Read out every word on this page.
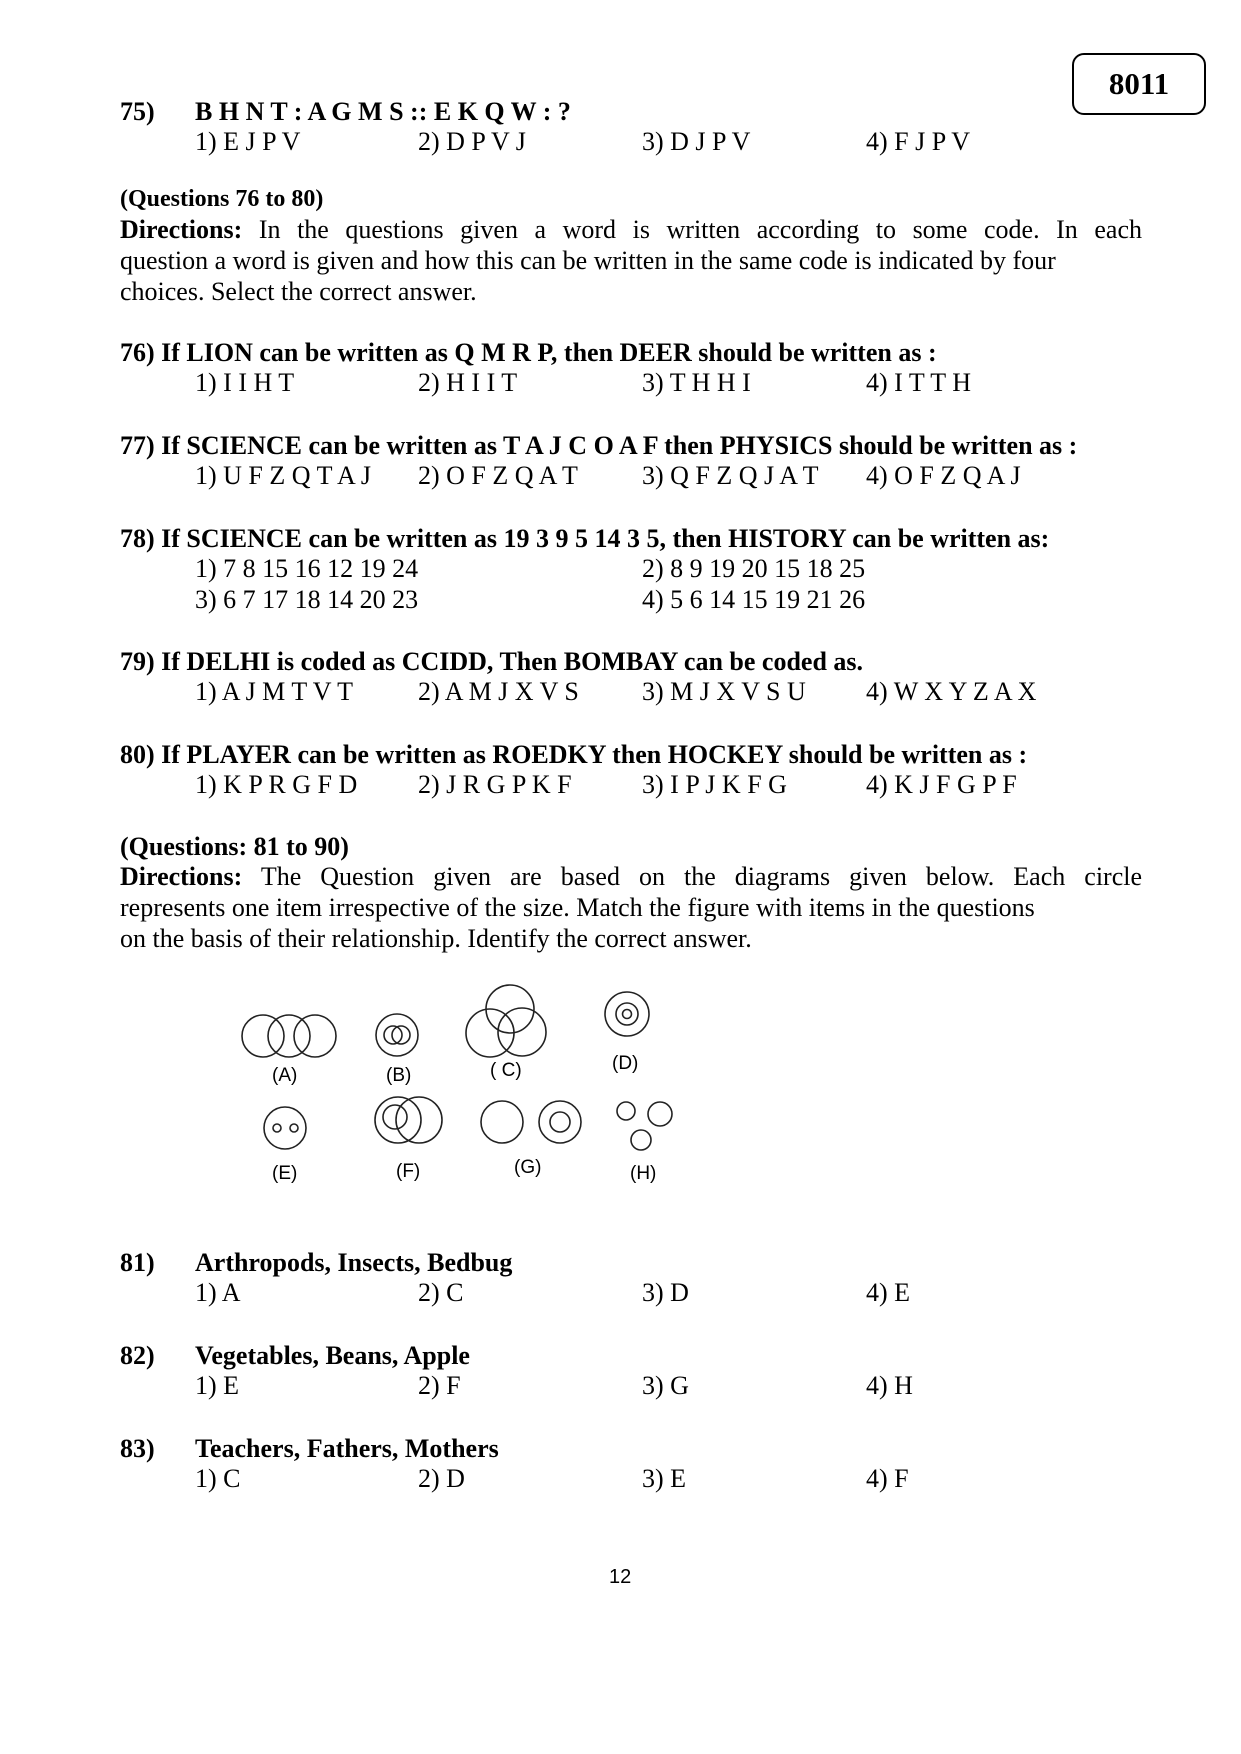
8011
75) B H N T : A G M S :: E K Q W : ?
1) E J P V	2) D P V J	3) D J P V	4) F J P V
(Questions 76 to 80)
Directions: In the questions given a word is written according to some code. In each
question a word is given and how this can be written in the same code is indicated by four
choices. Select the correct answer.
76) If LION can be written as Q M R P, then DEER should be written as :
1) I I H T	2) H I I T	3) T H H I	4) I T T H
77) If SCIENCE can be written as T A J C O A F then PHYSICS should be written as :
1) U F Z Q T A J 2) O F Z Q A T 3) Q F Z Q J A T 4) O F Z Q A J
78) If SCIENCE can be written as 19 3 9 5 14 3 5, then HISTORY can be written as:
1) 7 8 15 16 12 19 24	2) 8 9 19 20 15 18 25
3) 6 7 17 18 14 20 23	4) 5 6 14 15 19 21 26
79) If DELHI is coded as CCIDD, Then BOMBAY can be coded as.
1) A J M T V T	2) A M J X V S 3) M J X V S U 4) W X Y Z A X
80) If PLAYER can be written as ROEDKY then HOCKEY should be written as :
1) K P R G F D 2) J R G P K F	3) I P J K F G	4) K J F G P F
(Questions: 81 to 90)
Directions: The Question given are based on the diagrams given below. Each circle
represents one item irrespective of the size. Match the figure with items in the questions
on the basis of their relationship. Identify the correct answer.
(A)	(B)	( C)	(D)
(E)	(F)	(G)	(H)
81) Arthropods, Insects, Bedbug
1) A	2) C	3) D	4) E
82) Vegetables, Beans, Apple
1) E	2) F	3) G	4) H
83) Teachers, Fathers, Mothers
1) C	2) D	3) E	4) F
12
